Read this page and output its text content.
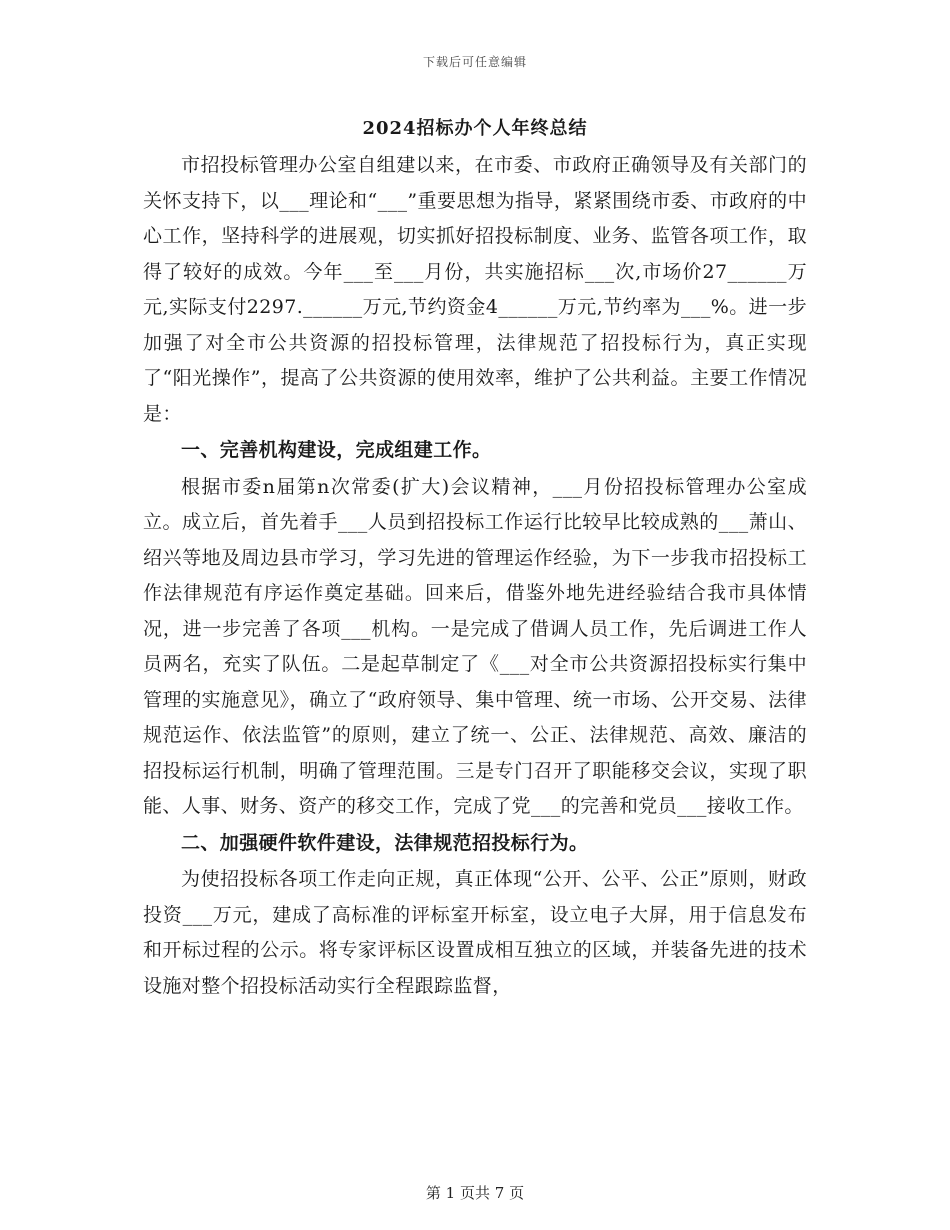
下载后可任意编辑
2024招标办个人年终总结

市招投标管理办公室自组建以来，在市委、市政府正确领导及有关部门的关怀支持下，以___理论和“___”重要思想为指导，紧紧围绕市委、市政府的中心工作，坚持科学的进展观，切实抓好招投标制度、业务、监管各项工作，取得了较好的成效。今年___至___月份，共实施招标___次,市场价27______万元,实际支付2297.______万元,节约资金4______万元,节约率为___%。进一步加强了对全市公共资源的招投标管理，法律规范了招投标行为，真正实现了“阳光操作”，提高了公共资源的使用效率，维护了公共利益。主要工作情况是：

一、完善机构建设，完成组建工作。

根据市委n届第n次常委(扩大)会议精神，___月份招投标管理办公室成立。成立后，首先着手___人员到招投标工作运行比较早比较成熟的___萧山、绍兴等地及周边县市学习，学习先进的管理运作经验，为下一步我市招投标工作法律规范有序运作奠定基础。回来后，借鉴外地先进经验结合我市具体情况，进一步完善了各项___机构。一是完成了借调人员工作，先后调进工作人员两名，充实了队伍。二是起草制定了《___对全市公共资源招投标实行集中管理的实施意见》，确立了“政府领导、集中管理、统一市场、公开交易、法律规范运作、依法监管”的原则，建立了统一、公正、法律规范、高效、廉洁的招投标运行机制，明确了管理范围。三是专门召开了职能移交会议，实现了职能、人事、财务、资产的移交工作，完成了党___的完善和党员___接收工作。

二、加强硬件软件建设，法律规范招投标行为。

为使招投标各项工作走向正规，真正体现“公开、公平、公正”原则，财政投资___万元，建成了高标准的评标室开标室，设立电子大屏，用于信息发布和开标过程的公示。将专家评标区设置成相互独立的区域，并装备先进的技术设施对整个招投标活动实行全程跟踪监督，

第 1 页共 7 页
